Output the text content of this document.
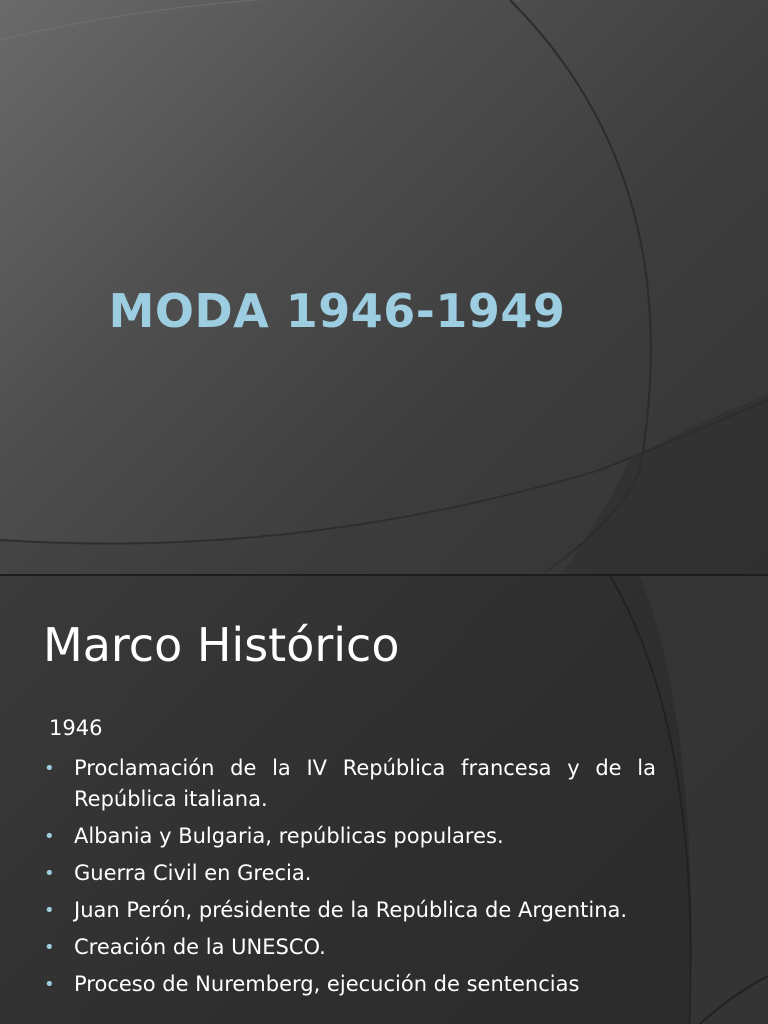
MODA 1946-1949
Marco Histórico
1946
• Proclamación de la IV República francesa y de la República italiana.
• Albania y Bulgaria, repúblicas populares.
• Guerra Civil en Grecia.
• Juan Perón, présidente de la República de Argentina.
• Creación de la UNESCO.
• Proceso de Nuremberg, ejecución de sentencias
